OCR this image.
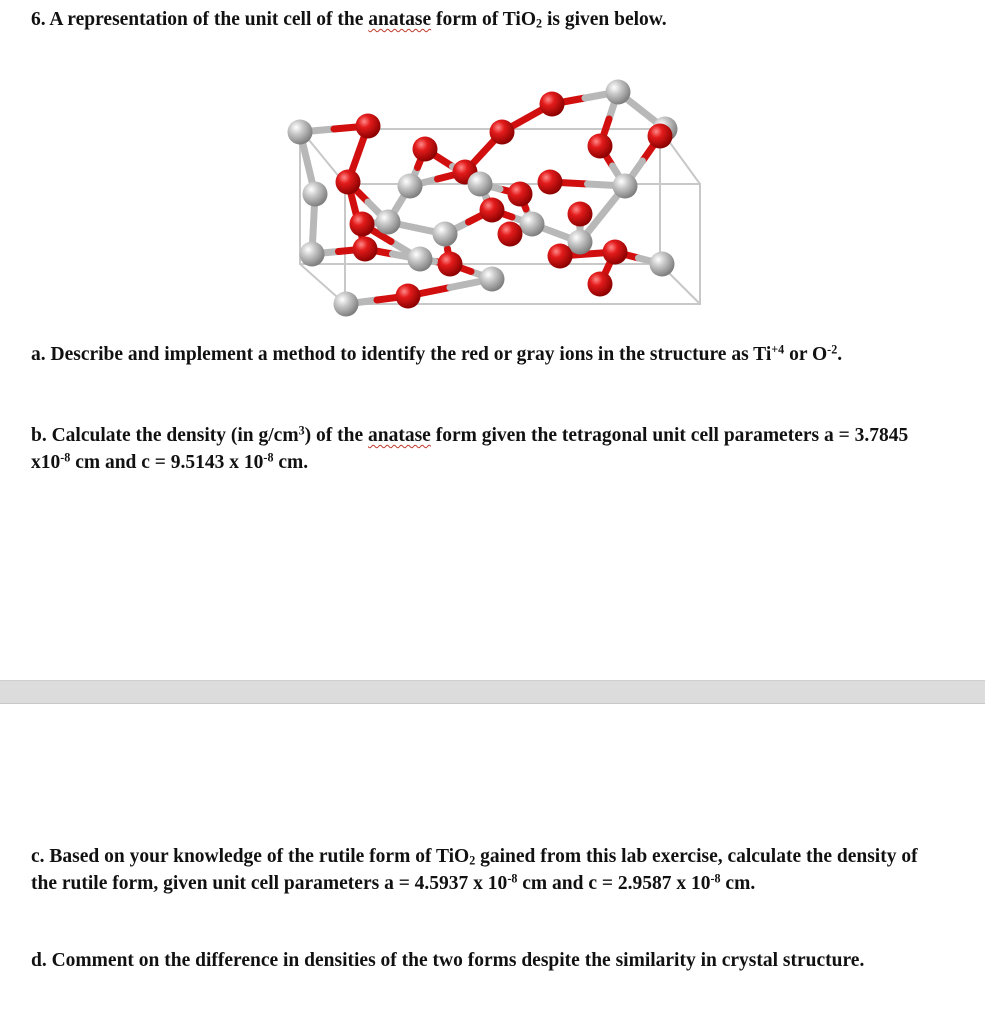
6. A representation of the unit cell of the anatase form of TiO$_2$ is given below.

a. Describe and implement a method to identify the red or gray ions in the structure as $Ti^{+4}$ or $O^{-2}$.

b. Calculate the density (in $g/cm^3$) of the anatase form given the tetragonal unit cell parameters a = 3.7845 $x10^{-8}$ cm and c = 9.5143 x $10^{-8}$ cm.

c. Based on your knowledge of the rutile form of TiO$_2$ gained from this lab exercise, calculate the density of the rutile form, given unit cell parameters a = 4.5937 x $10^{-8}$ cm and c = 2.9587 x $10^{-8}$ cm.

d. Comment on the difference in densities of the two forms despite the similarity in crystal structure.
